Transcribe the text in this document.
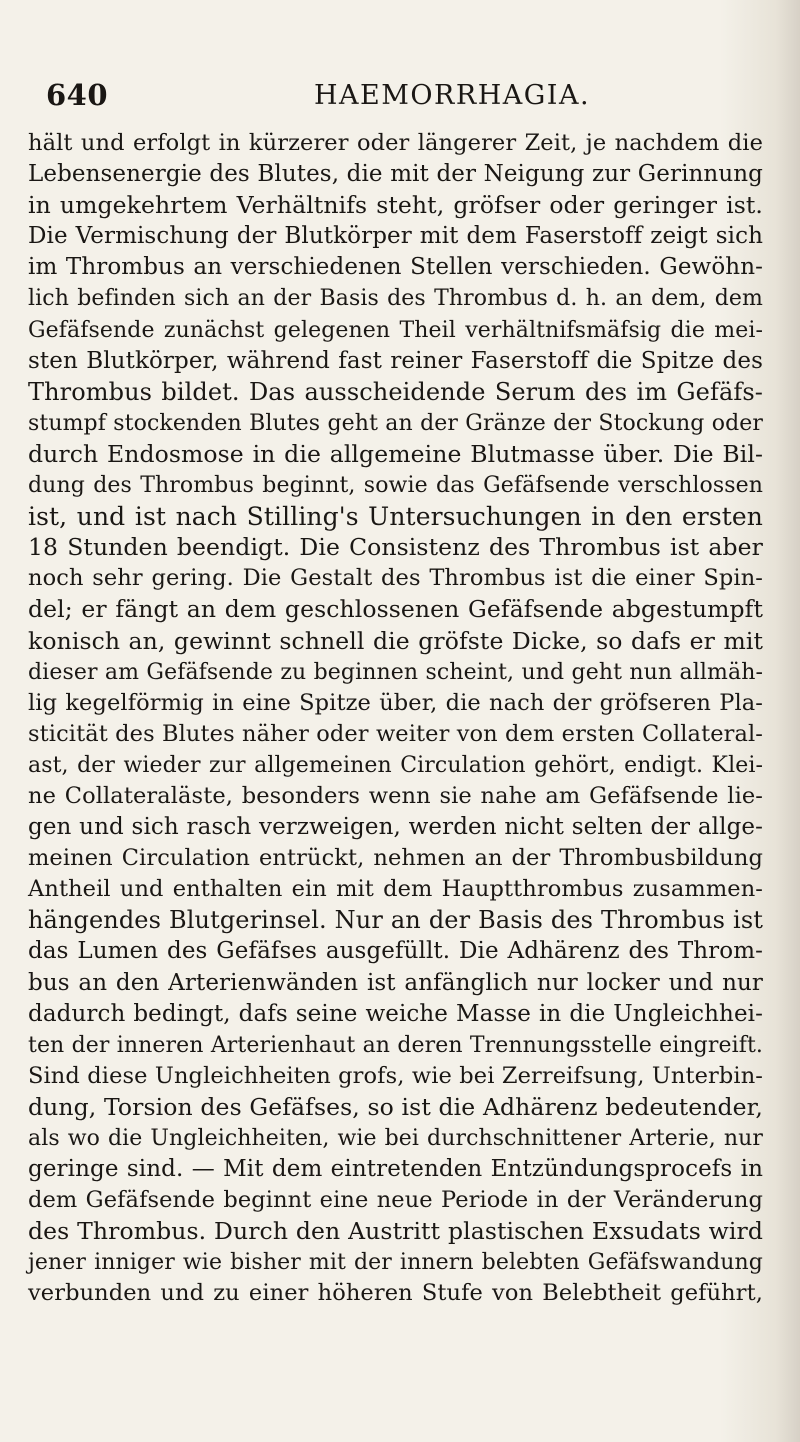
640	HAEMORRHAGIA.
hält und erfolgt in kürzerer oder längerer Zeit, je nachdem die
Lebensenergie des Blutes, die mit der Neigung zur Gerinnung
in umgekehrtem Verhältnifs steht, gröfser oder geringer ist.
Die Vermischung der Blutkörper mit dem Faserstoff zeigt sich
im Thrombus an verschiedenen Stellen verschieden. Gewöhn-
lich befinden sich an der Basis des Thrombus d. h. an dem, dem
Gefäfsende zunächst gelegenen Theil verhältnifsmäfsig die mei-
sten Blutkörper, während fast reiner Faserstoff die Spitze des
Thrombus bildet. Das ausscheidende Serum des im Gefäfs-
stumpf stockenden Blutes geht an der Gränze der Stockung oder
durch Endosmose in die allgemeine Blutmasse über. Die Bil-
dung des Thrombus beginnt, sowie das Gefäfsende verschlossen
ist, und ist nach Stilling's Untersuchungen in den ersten
18 Stunden beendigt. Die Consistenz des Thrombus ist aber
noch sehr gering. Die Gestalt des Thrombus ist die einer Spin-
del; er fängt an dem geschlossenen Gefäfsende abgestumpft
konisch an, gewinnt schnell die gröfste Dicke, so dafs er mit
dieser am Gefäfsende zu beginnen scheint, und geht nun allmäh-
lig kegelförmig in eine Spitze über, die nach der gröfseren Pla-
sticität des Blutes näher oder weiter von dem ersten Collateral-
ast, der wieder zur allgemeinen Circulation gehört, endigt. Klei-
ne Collateraläste, besonders wenn sie nahe am Gefäfsende lie-
gen und sich rasch verzweigen, werden nicht selten der allge-
meinen Circulation entrückt, nehmen an der Thrombusbildung
Antheil und enthalten ein mit dem Hauptthrombus zusammen-
hängendes Blutgerinsel. Nur an der Basis des Thrombus ist
das Lumen des Gefäfses ausgefüllt. Die Adhärenz des Throm-
bus an den Arterienwänden ist anfänglich nur locker und nur
dadurch bedingt, dafs seine weiche Masse in die Ungleichhei-
ten der inneren Arterienhaut an deren Trennungsstelle eingreift.
Sind diese Ungleichheiten grofs, wie bei Zerreifsung, Unterbin-
dung, Torsion des Gefäfses, so ist die Adhärenz bedeutender,
als wo die Ungleichheiten, wie bei durchschnittener Arterie, nur
geringe sind. — Mit dem eintretenden Entzündungsprocefs in
dem Gefäfsende beginnt eine neue Periode in der Veränderung
des Thrombus. Durch den Austritt plastischen Exsudats wird
jener inniger wie bisher mit der innern belebten Gefäfswandung
verbunden und zu einer höheren Stufe von Belebtheit geführt,
